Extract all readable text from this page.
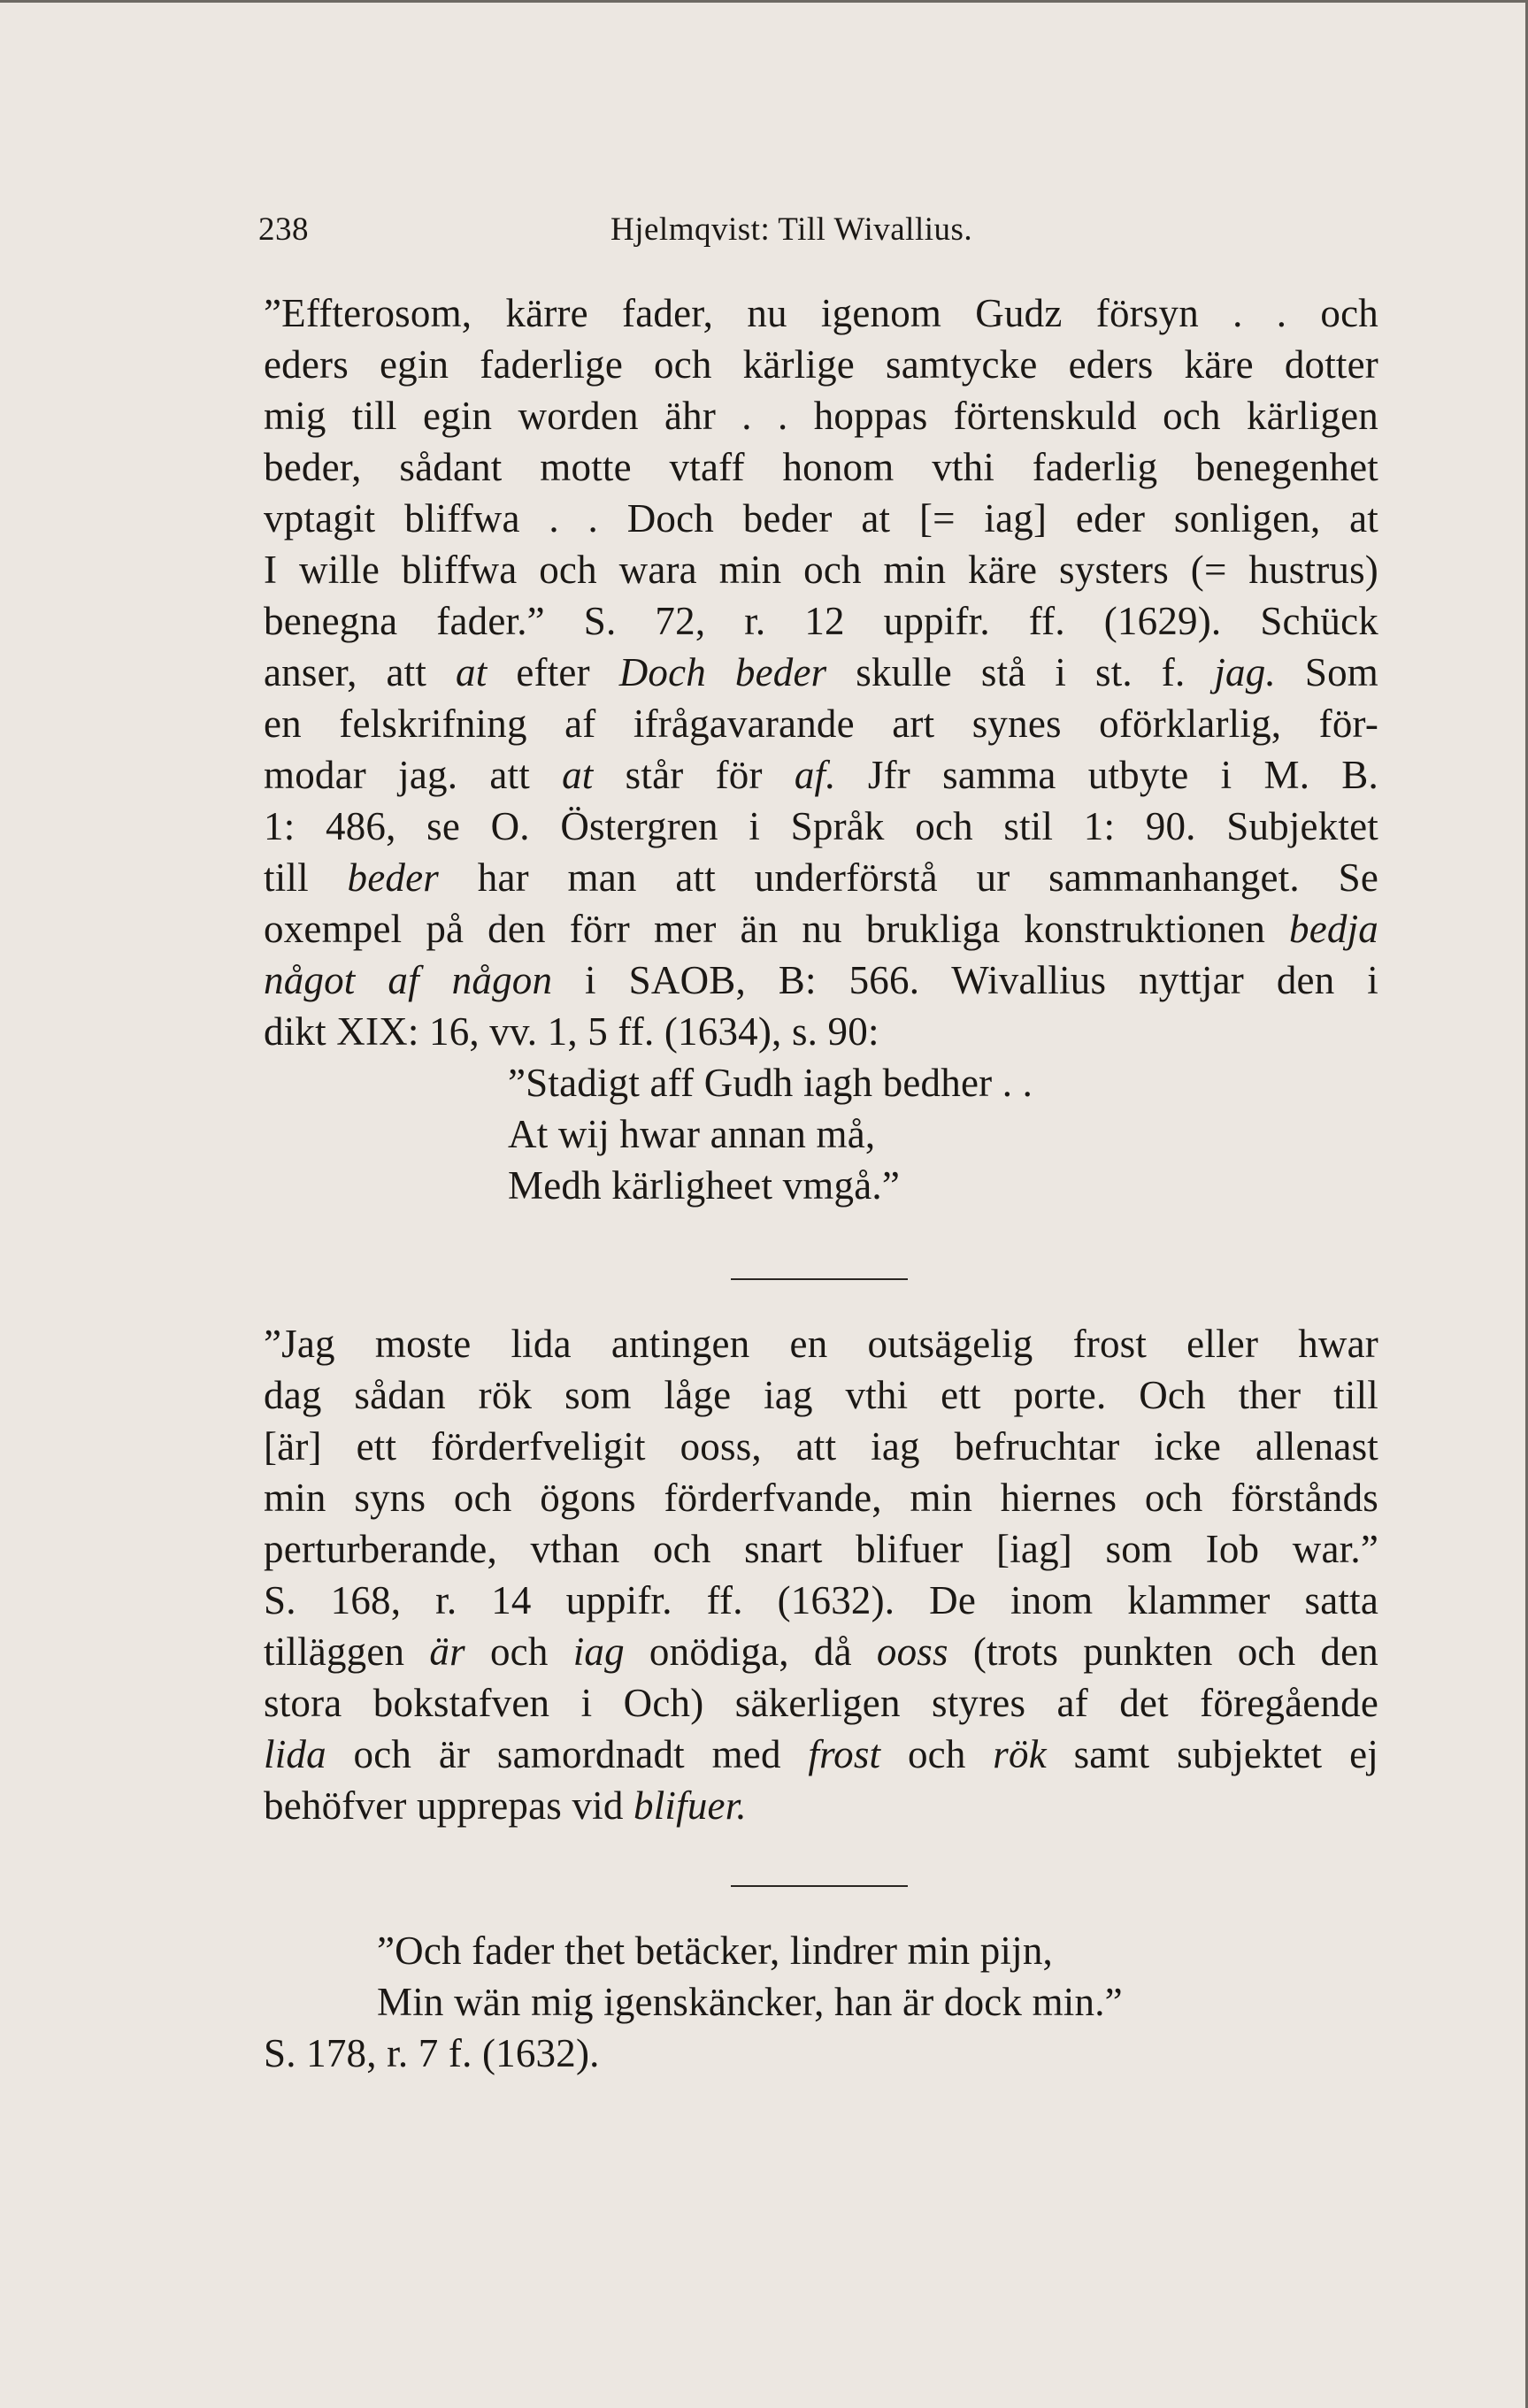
238	Hjelmqvist: Till Wivallius.
”Effterosom, kärre fader, nu igenom Gudz försyn . . och
eders egin faderlige och kärlige samtycke eders käre dotter
mig till egin worden ähr . . hoppas förtenskuld och kärligen
beder, sådant motte vtaff honom vthi faderlig benegenhet
vptagit bliffwa . . Doch beder at [= iag] eder sonligen, at
I wille bliffwa och wara min och min käre systers (= hustrus)
benegna fader.” S. 72, r. 12 uppifr. ff. (1629). Schück
anser, att at efter Doch beder skulle stå i st. f. jag. Som
en felskrifning af ifrågavarande art synes oförklarlig, för-
modar jag. att at står för af. Jfr samma utbyte i M. B.
1: 486, se O. Östergren i Språk och stil 1: 90. Subjektet
till beder har man att underförstå ur sammanhanget. Se
oxempel på den förr mer än nu brukliga konstruktionen bedja
något af någon i SAOB, B: 566. Wivallius nyttjar den i
dikt XIX: 16, vv. 1, 5 ff. (1634), s. 90:
”Stadigt aff Gudh iagh bedher . .
At wij hwar annan må,
Medh kärligheet vmgå.”
”Jag moste lida antingen en outsägelig frost eller hwar
dag sådan rök som låge iag vthi ett porte. Och ther till
[är] ett förderfveligit ooss, att iag befruchtar icke allenast
min syns och ögons förderfvande, min hiernes och förstånds
perturberande, vthan och snart blifuer [iag] som Iob war.”
S. 168, r. 14 uppifr. ff. (1632). De inom klammer satta
tilläggen är och iag onödiga, då ooss (trots punkten och den
stora bokstafven i Och) säkerligen styres af det föregående
lida och är samordnadt med frost och rök samt subjektet ej
behöfver upprepas vid blifuer.
”Och fader thet betäcker, lindrer min pijn,
Min wän mig igenskäncker, han är dock min.”
S. 178, r. 7 f. (1632).
